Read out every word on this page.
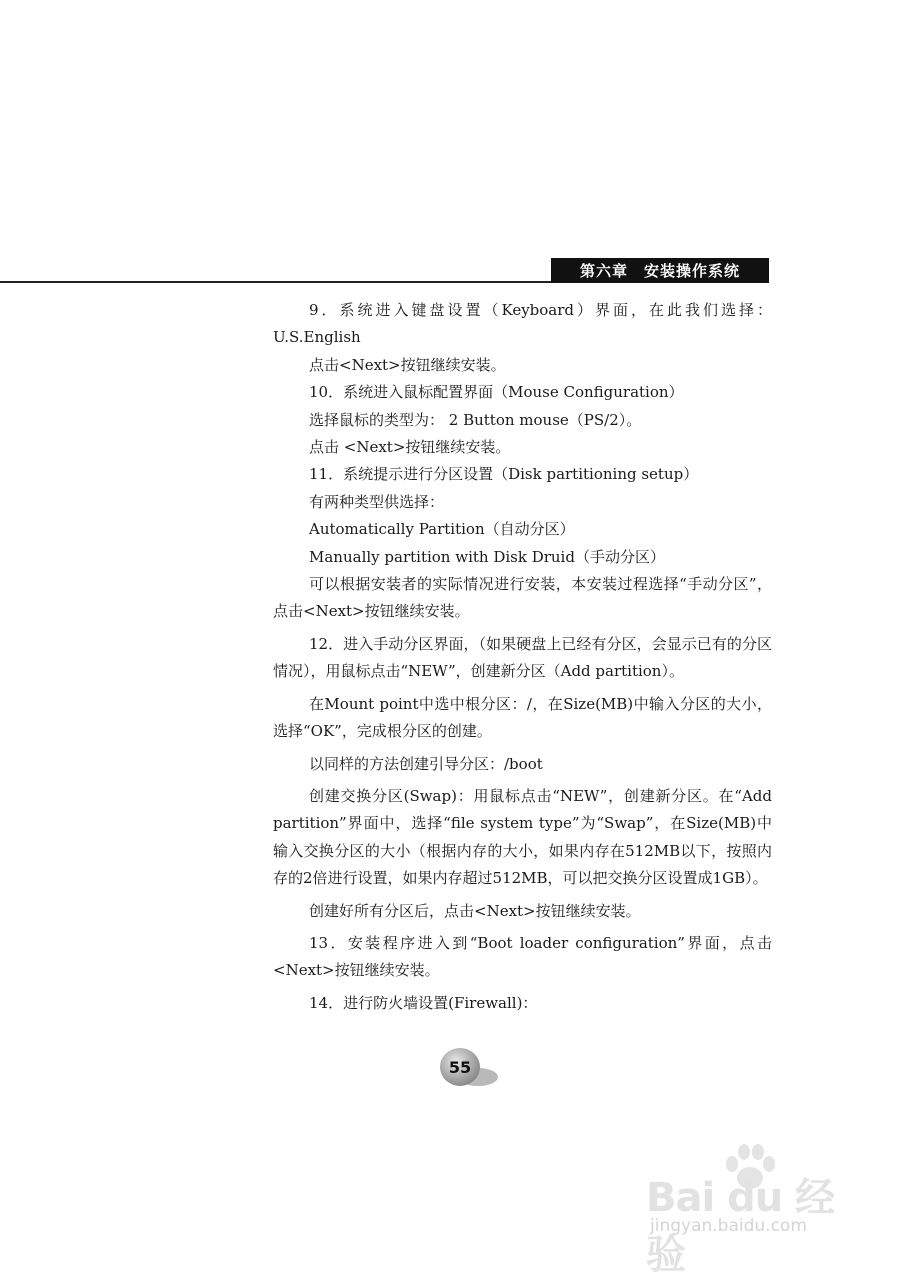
第六章　安装操作系统

9．系统进入键盘设置（Keyboard）界面，在此我们选择：U.S.English

点击<Next>按钮继续安装。

10．系统进入鼠标配置界面（Mouse Configuration）

选择鼠标的类型为： 2 Button mouse（PS/2）。

点击 <Next>按钮继续安装。

11．系统提示进行分区设置（Disk partitioning setup）

有两种类型供选择：

Automatically Partition（自动分区）

Manually partition with Disk Druid（手动分区）

可以根据安装者的实际情况进行安装，本安装过程选择“手动分区”，点击<Next>按钮继续安装。

12．进入手动分区界面，（如果硬盘上已经有分区，会显示已有的分区情况），用鼠标点击“NEW”，创建新分区（Add partition）。

在Mount point中选中根分区：/，在Size(MB)中输入分区的大小，选择“OK”，完成根分区的创建。

以同样的方法创建引导分区：/boot

创建交换分区(Swap)：用鼠标点击“NEW”，创建新分区。在“Add partition”界面中，选择“file system type”为“Swap”，在Size(MB)中输入交换分区的大小（根据内存的大小，如果内存在512MB以下，按照内存的2倍进行设置，如果内存超过512MB，可以把交换分区设置成1GB）。

创建好所有分区后，点击<Next>按钮继续安装。

13．安装程序进入到“Boot loader configuration”界面，点击<Next>按钮继续安装。

14．进行防火墙设置(Firewall)：

55
Bai du 经验
jingyan.baidu.com
